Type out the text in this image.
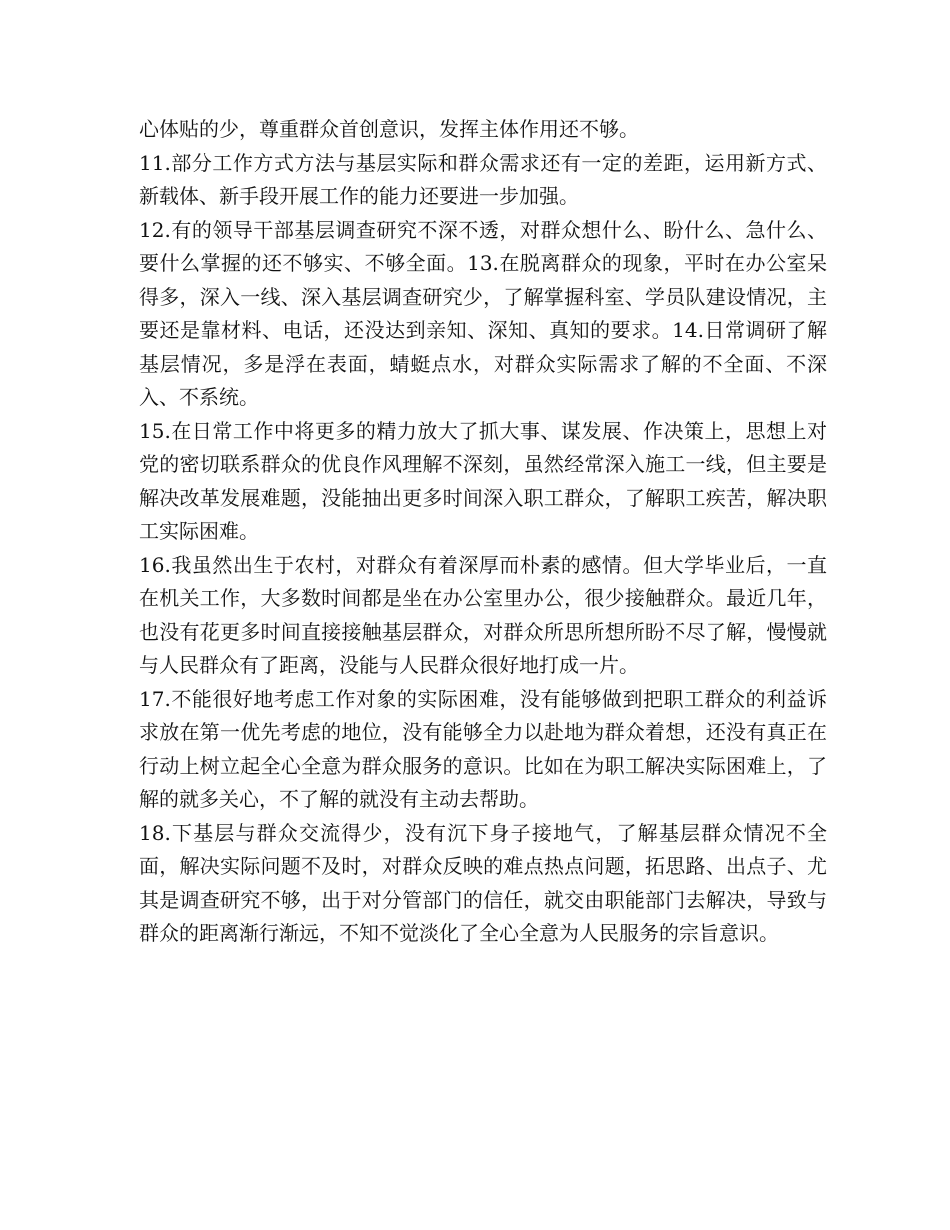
心体贴的少，尊重群众首创意识，发挥主体作用还不够。

11.部分工作方式方法与基层实际和群众需求还有一定的差距，运用新方式、新载体、新手段开展工作的能力还要进一步加强。

12.有的领导干部基层调查研究不深不透，对群众想什么、盼什么、急什么、要什么掌握的还不够实、不够全面。13.在脱离群众的现象，平时在办公室呆得多，深入一线、深入基层调查研究少，了解掌握科室、学员队建设情况，主要还是靠材料、电话，还没达到亲知、深知、真知的要求。14.日常调研了解基层情况，多是浮在表面，蜻蜓点水，对群众实际需求了解的不全面、不深入、不系统。

15.在日常工作中将更多的精力放大了抓大事、谋发展、作决策上，思想上对党的密切联系群众的优良作风理解不深刻，虽然经常深入施工一线，但主要是解决改革发展难题，没能抽出更多时间深入职工群众，了解职工疾苦，解决职工实际困难。

16.我虽然出生于农村，对群众有着深厚而朴素的感情。但大学毕业后，一直在机关工作，大多数时间都是坐在办公室里办公，很少接触群众。最近几年，也没有花更多时间直接接触基层群众，对群众所思所想所盼不尽了解，慢慢就与人民群众有了距离，没能与人民群众很好地打成一片。

17.不能很好地考虑工作对象的实际困难，没有能够做到把职工群众的利益诉求放在第一优先考虑的地位，没有能够全力以赴地为群众着想，还没有真正在行动上树立起全心全意为群众服务的意识。比如在为职工解决实际困难上，了解的就多关心，不了解的就没有主动去帮助。

18.下基层与群众交流得少，没有沉下身子接地气，了解基层群众情况不全面，解决实际问题不及时，对群众反映的难点热点问题，拓思路、出点子、尤其是调查研究不够，出于对分管部门的信任，就交由职能部门去解决，导致与群众的距离渐行渐远，不知不觉淡化了全心全意为人民服务的宗旨意识。
